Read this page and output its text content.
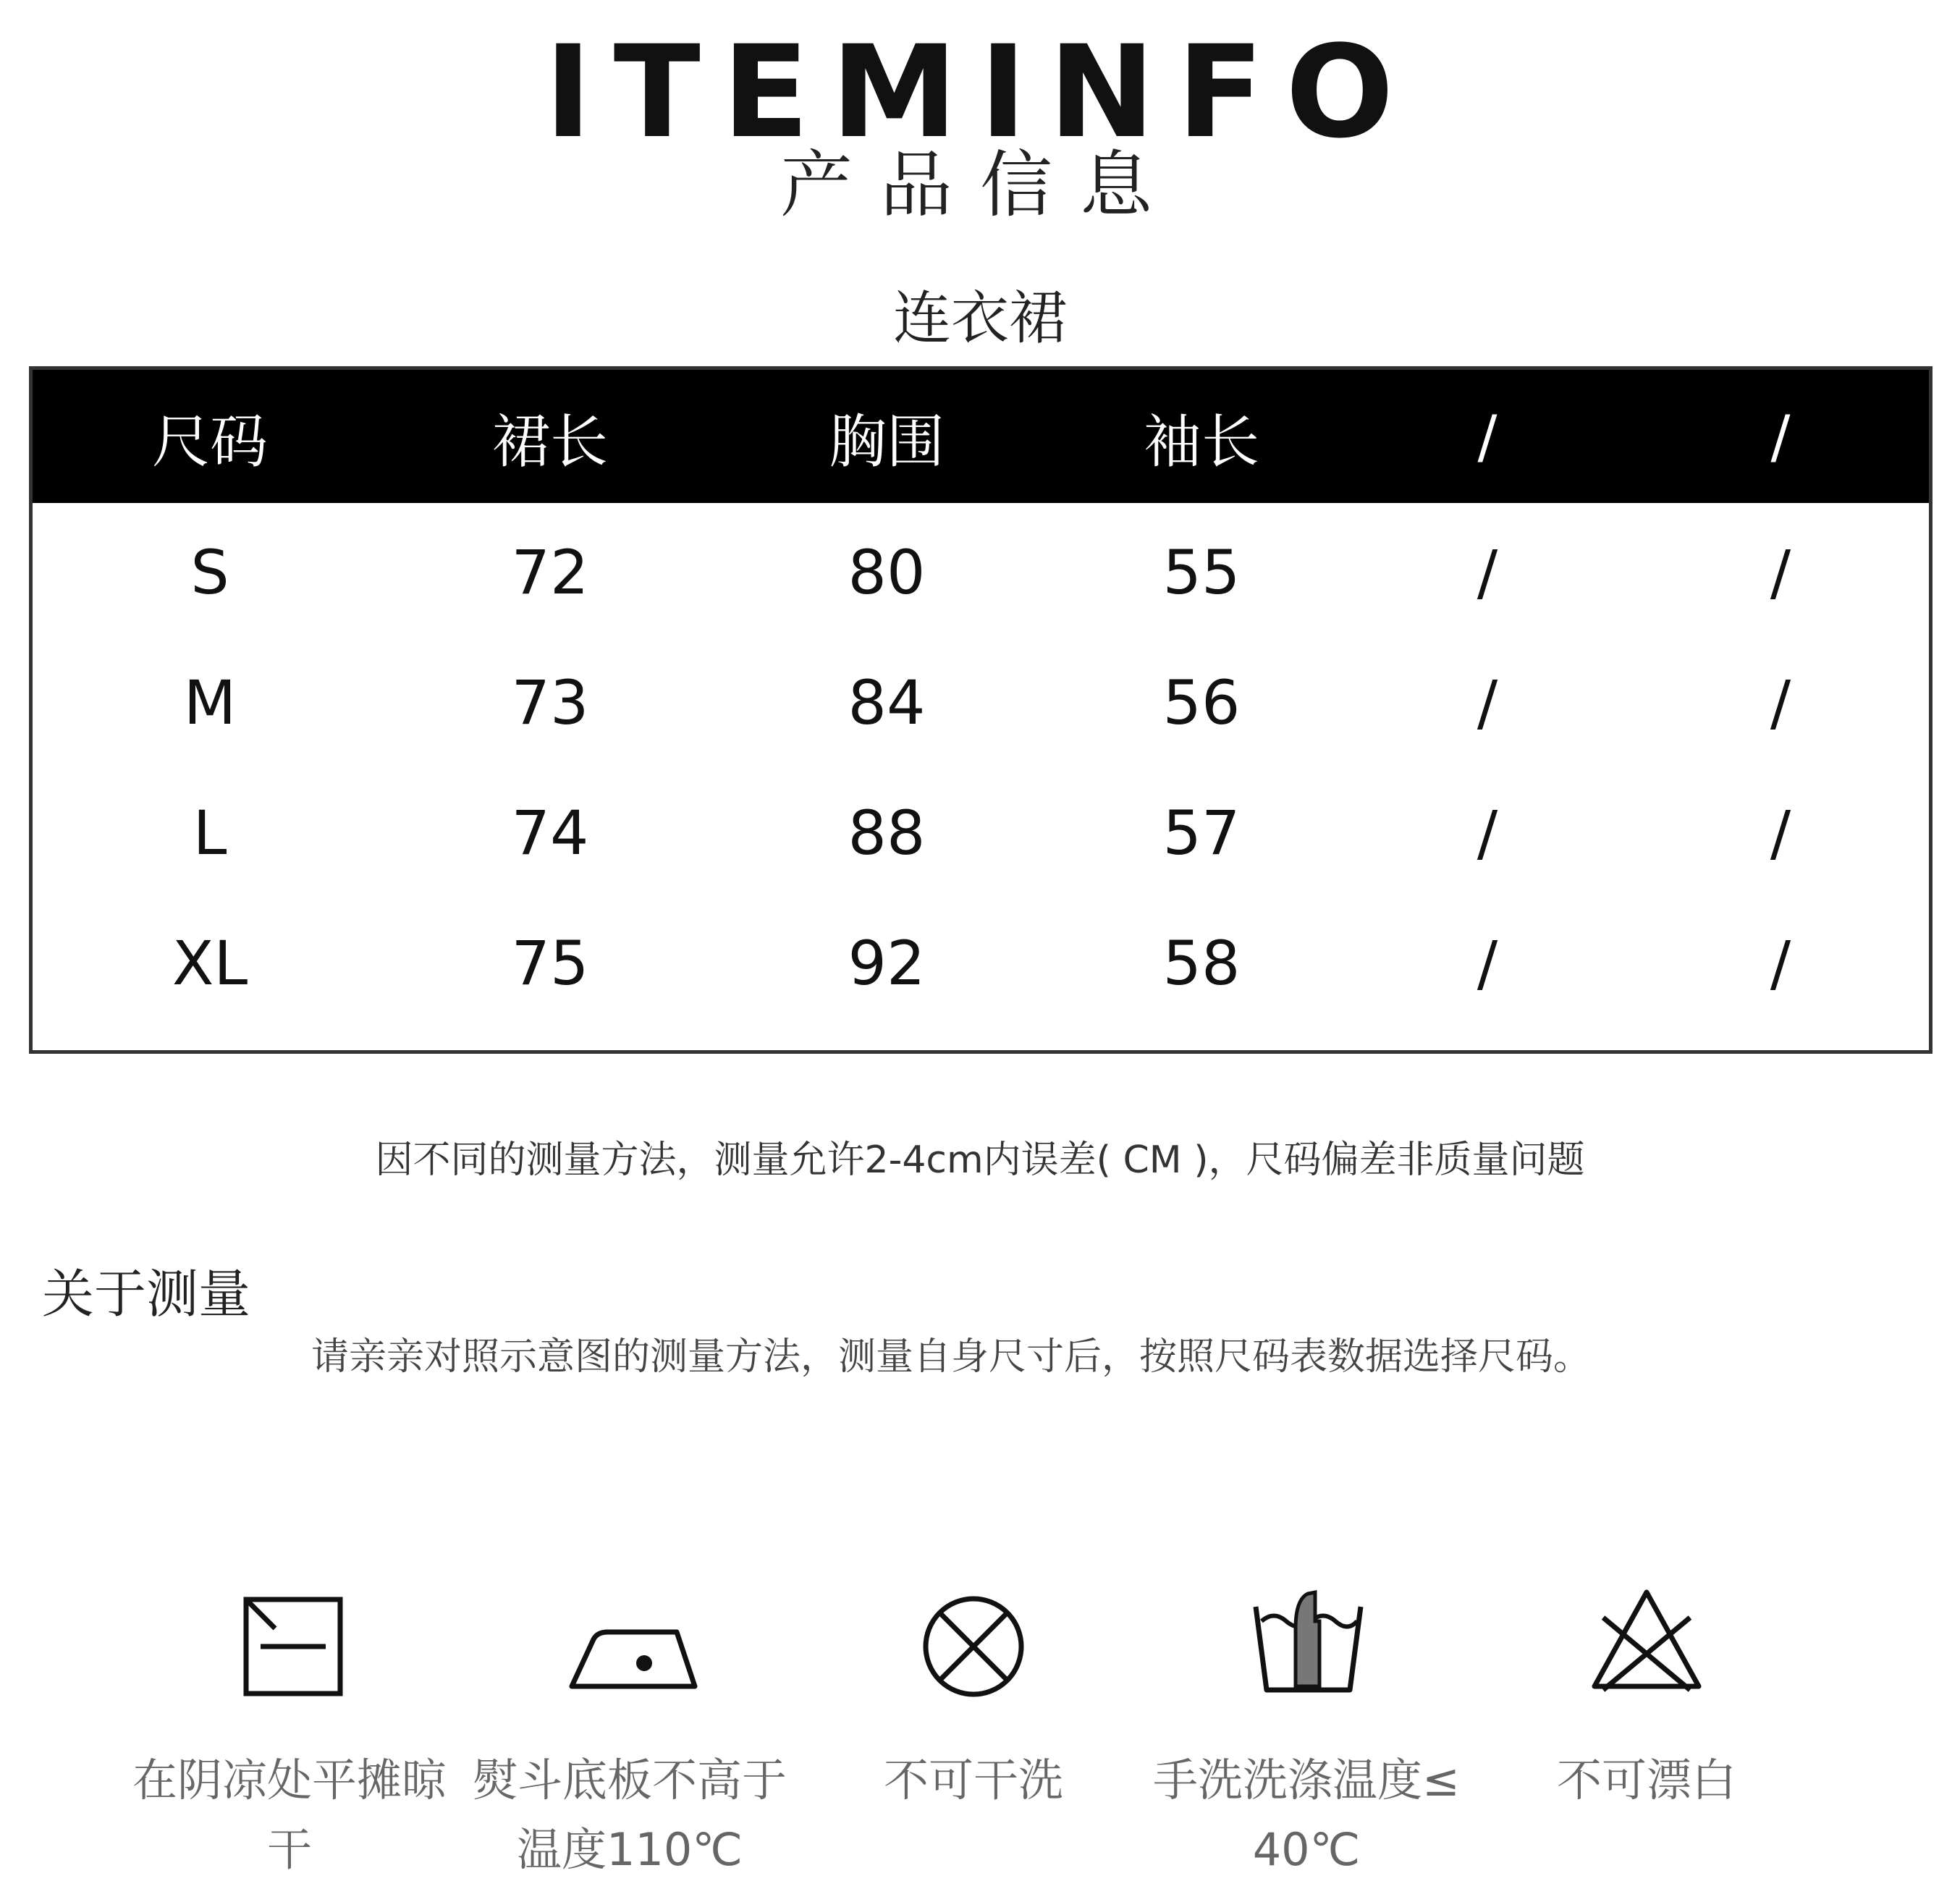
ITEMINFO
产品信息
连衣裙
尺码	裙长	胸围	袖长	/	/
S	72	80	55	/	/
M	73	84	56	/	/
L	74	88	57	/	/
XL	75	92	58	/	/
因不同的测量方法，测量允许2-4cm内误差( CM )，尺码偏差非质量问题
关于测量
请亲亲对照示意图的测量方法，测量自身尺寸后，按照尺码表数据选择尺码。
在阴凉处平摊晾
干
熨斗底板不高于
温度110℃
不可干洗	手洗洗涤温度≤
40℃
不可漂白
